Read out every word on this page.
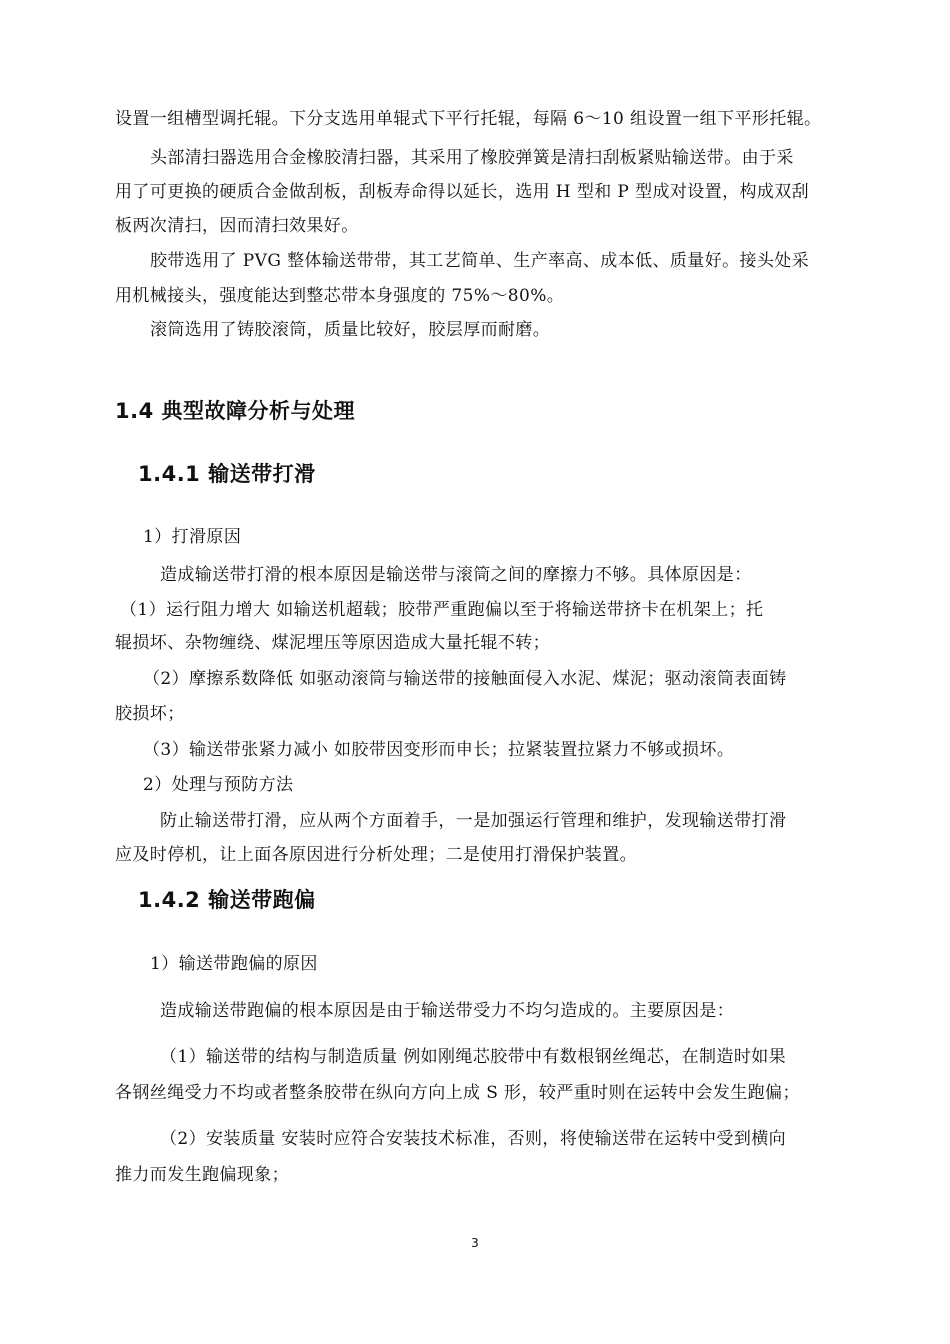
设置一组槽型调托辊。下分支选用单辊式下平行托辊，每隔 6～10 组设置一组下平形托辊。
头部清扫器选用合金橡胶清扫器，其采用了橡胶弹簧是清扫刮板紧贴输送带。由于采
用了可更换的硬质合金做刮板，刮板寿命得以延长，选用 H 型和 P 型成对设置，构成双刮
板两次清扫，因而清扫效果好。
胶带选用了 PVG 整体输送带带，其工艺简单、生产率高、成本低、质量好。接头处采
用机械接头，强度能达到整芯带本身强度的 75%～80%。
滚筒选用了铸胶滚筒，质量比较好，胶层厚而耐磨。
1.4 典型故障分析与处理
1.4.1 输送带打滑
1）打滑原因
造成输送带打滑的根本原因是输送带与滚筒之间的摩擦力不够。具体原因是：
（1）运行阻力增大 如输送机超载；胶带严重跑偏以至于将输送带挤卡在机架上；托
辊损坏、杂物缠绕、煤泥埋压等原因造成大量托辊不转；
（2）摩擦系数降低 如驱动滚筒与输送带的接触面侵入水泥、煤泥；驱动滚筒表面铸
胶损坏；
（3）输送带张紧力减小 如胶带因变形而申长；拉紧装置拉紧力不够或损坏。
2）处理与预防方法
防止输送带打滑，应从两个方面着手，一是加强运行管理和维护，发现输送带打滑
应及时停机，让上面各原因进行分析处理；二是使用打滑保护装置。
1.4.2 输送带跑偏
1）输送带跑偏的原因
造成输送带跑偏的根本原因是由于输送带受力不均匀造成的。主要原因是：
（1）输送带的结构与制造质量 例如刚绳芯胶带中有数根钢丝绳芯，在制造时如果
各钢丝绳受力不均或者整条胶带在纵向方向上成 S 形，较严重时则在运转中会发生跑偏；
（2）安装质量 安装时应符合安装技术标准，否则，将使输送带在运转中受到横向
推力而发生跑偏现象；
3
